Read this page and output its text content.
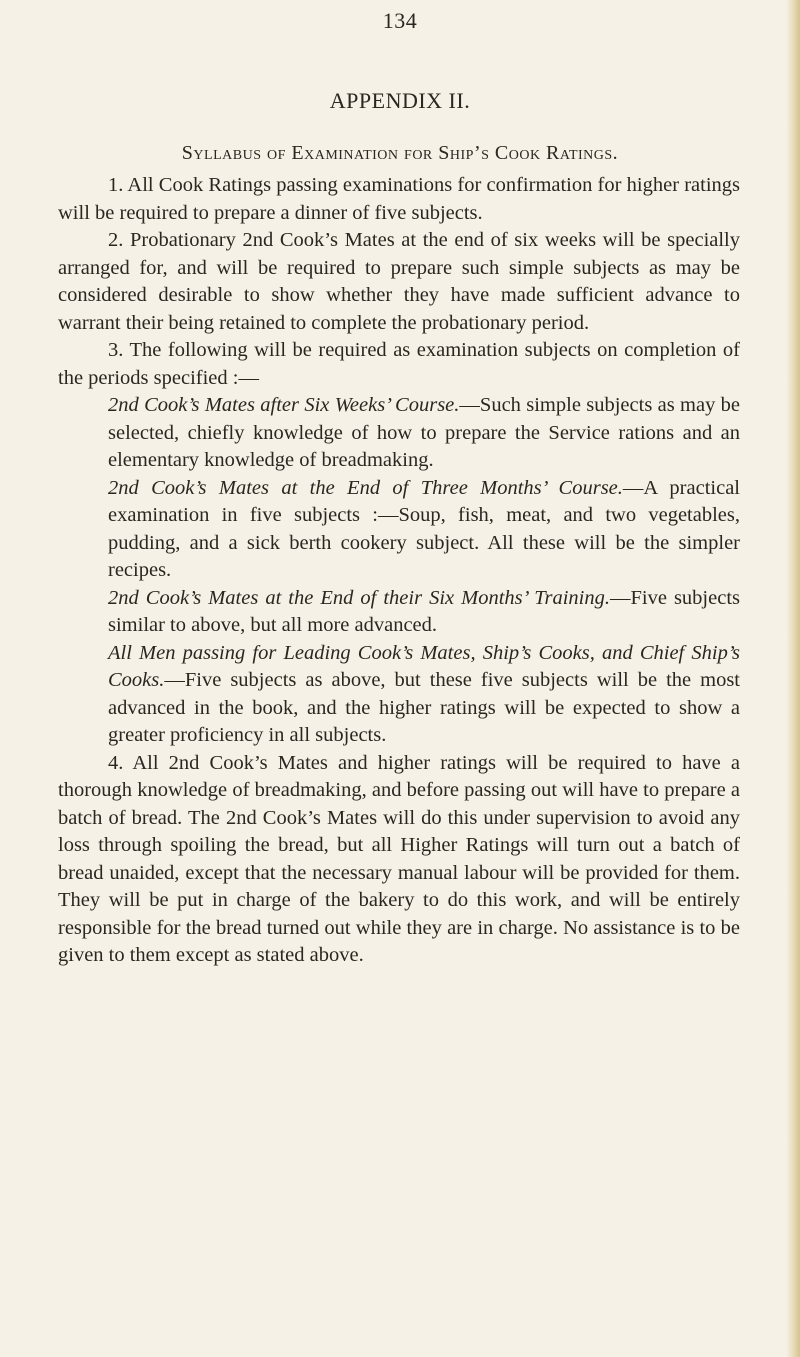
134
APPENDIX II.
Syllabus of Examination for Ship’s Cook Ratings.

1. All Cook Ratings passing examinations for confirmation for higher ratings will be required to prepare a dinner of five subjects.

2. Probationary 2nd Cook’s Mates at the end of six weeks will be specially arranged for, and will be required to prepare such simple subjects as may be considered desirable to show whether they have made sufficient advance to warrant their being retained to complete the probationary period.

3. The following will be required as examination subjects on completion of the periods specified :—

2nd Cook’s Mates after Six Weeks’ Course.—Such simple subjects as may be selected, chiefly knowledge of how to prepare the Service rations and an elementary knowledge of breadmaking.

2nd Cook’s Mates at the End of Three Months’ Course.—A practical examination in five subjects :—Soup, fish, meat, and two vegetables, pudding, and a sick berth cookery subject. All these will be the simpler recipes.

2nd Cook’s Mates at the End of their Six Months’ Training.—Five subjects similar to above, but all more advanced.

All Men passing for Leading Cook’s Mates, Ship’s Cooks, and Chief Ship’s Cooks.—Five subjects as above, but these five subjects will be the most advanced in the book, and the higher ratings will be expected to show a greater proficiency in all subjects.

4. All 2nd Cook’s Mates and higher ratings will be required to have a thorough knowledge of breadmaking, and before passing out will have to prepare a batch of bread. The 2nd Cook’s Mates will do this under supervision to avoid any loss through spoiling the bread, but all Higher Ratings will turn out a batch of bread unaided, except that the necessary manual labour will be provided for them. They will be put in charge of the bakery to do this work, and will be entirely responsible for the bread turned out while they are in charge. No assistance is to be given to them except as stated above.
